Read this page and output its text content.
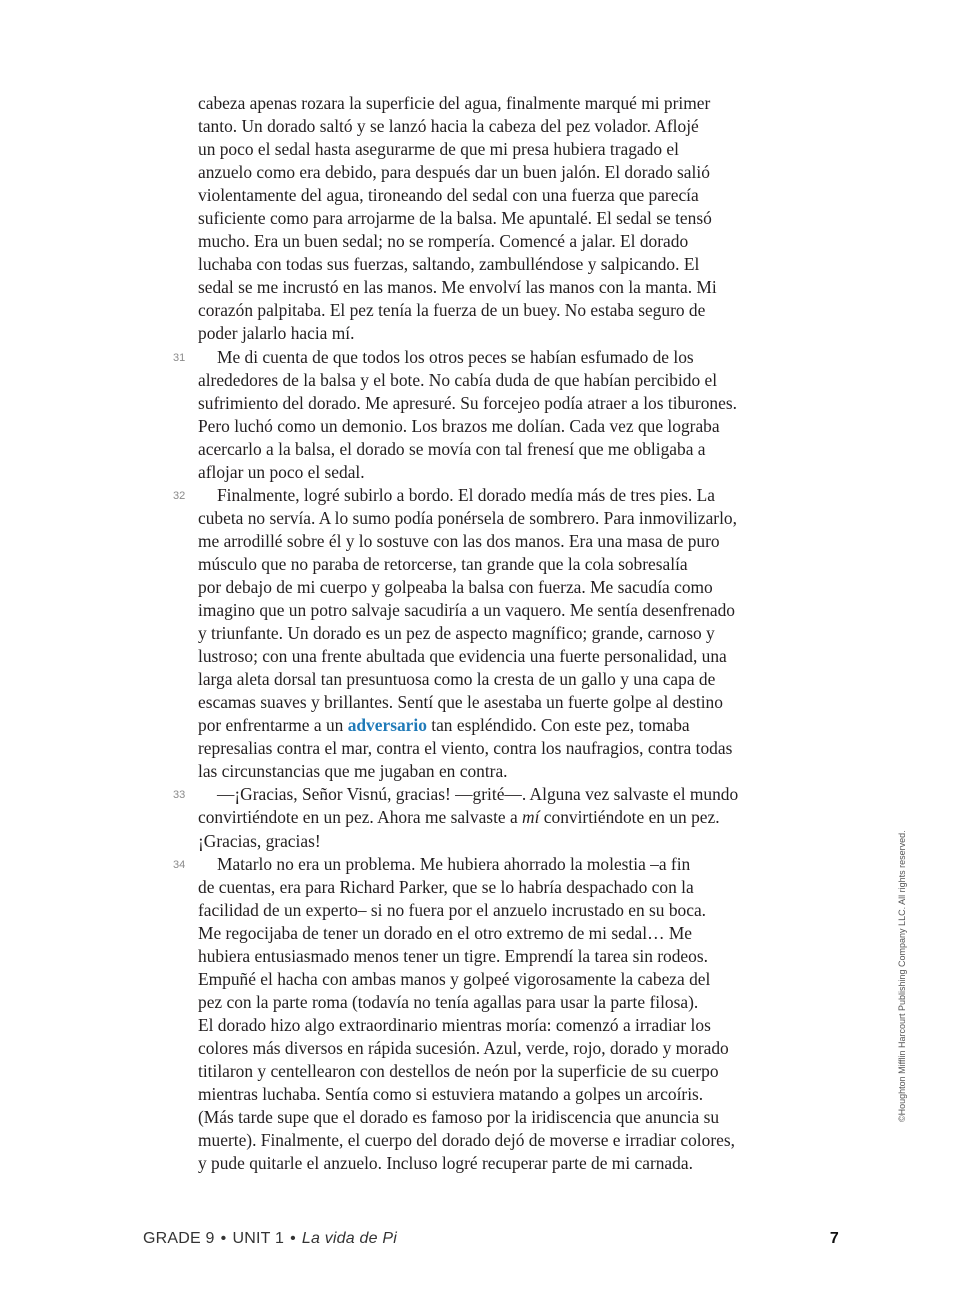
cabeza apenas rozara la superficie del agua, finalmente marqué mi primer
tanto. Un dorado saltó y se lanzó hacia la cabeza del pez volador. Aflojé
un poco el sedal hasta asegurarme de que mi presa hubiera tragado el
anzuelo como era debido, para después dar un buen jalón. El dorado salió
violentamente del agua, tironeando del sedal con una fuerza que parecía
suficiente como para arrojarme de la balsa. Me apuntalé. El sedal se tensó
mucho. Era un buen sedal; no se rompería. Comencé a jalar. El dorado
luchaba con todas sus fuerzas, saltando, zambulléndose y salpicando. El
sedal se me incrustó en las manos. Me envolví las manos con la manta. Mi
corazón palpitaba. El pez tenía la fuerza de un buey. No estaba seguro de
poder jalarlo hacia mí.
31 Me di cuenta de que todos los otros peces se habían esfumado de los
alrededores de la balsa y el bote. No cabía duda de que habían percibido el
sufrimiento del dorado. Me apresuré. Su forcejeo podía atraer a los tiburones.
Pero luchó como un demonio. Los brazos me dolían. Cada vez que lograba
acercarlo a la balsa, el dorado se movía con tal frenesí que me obligaba a
aflojar un poco el sedal.
32 Finalmente, logré subirlo a bordo. El dorado medía más de tres pies. La
cubeta no servía. A lo sumo podía ponérsela de sombrero. Para inmovilizarlo,
me arrodillé sobre él y lo sostuve con las dos manos. Era una masa de puro
músculo que no paraba de retorcerse, tan grande que la cola sobresalía
por debajo de mi cuerpo y golpeaba la balsa con fuerza. Me sacudía como
imagino que un potro salvaje sacudiría a un vaquero. Me sentía desenfrenado
y triunfante. Un dorado es un pez de aspecto magnífico; grande, carnoso y
lustroso; con una frente abultada que evidencia una fuerte personalidad, una
larga aleta dorsal tan presuntuosa como la cresta de un gallo y una capa de
escamas suaves y brillantes. Sentí que le asestaba un fuerte golpe al destino
por enfrentarme a un adversario tan espléndido. Con este pez, tomaba
represalias contra el mar, contra el viento, contra los naufragios, contra todas
las circunstancias que me jugaban en contra.
33 —¡Gracias, Señor Visnú, gracias! —grité—. Alguna vez salvaste el mundo
convirtiéndote en un pez. Ahora me salvaste a mí convirtiéndote en un pez.
¡Gracias, gracias!
34 Matarlo no era un problema. Me hubiera ahorrado la molestia –a fin
de cuentas, era para Richard Parker, que se lo habría despachado con la
facilidad de un experto– si no fuera por el anzuelo incrustado en su boca.
Me regocijaba de tener un dorado en el otro extremo de mi sedal… Me
hubiera entusiasmado menos tener un tigre. Emprendí la tarea sin rodeos.
Empuñé el hacha con ambas manos y golpeé vigorosamente la cabeza del
pez con la parte roma (todavía no tenía agallas para usar la parte filosa).
El dorado hizo algo extraordinario mientras moría: comenzó a irradiar los
colores más diversos en rápida sucesión. Azul, verde, rojo, dorado y morado
titilaron y centellearon con destellos de neón por la superficie de su cuerpo
mientras luchaba. Sentía como si estuviera matando a golpes un arcoíris.
(Más tarde supe que el dorado es famoso por la iridiscencia que anuncia su
muerte). Finalmente, el cuerpo del dorado dejó de moverse e irradiar colores,
y pude quitarle el anzuelo. Incluso logré recuperar parte de mi carnada.
©Houghton Mifflin Harcourt Publishing Company LLC. All rights reserved.
GRADE 9 • UNIT 1 • La vida de Pi	7
